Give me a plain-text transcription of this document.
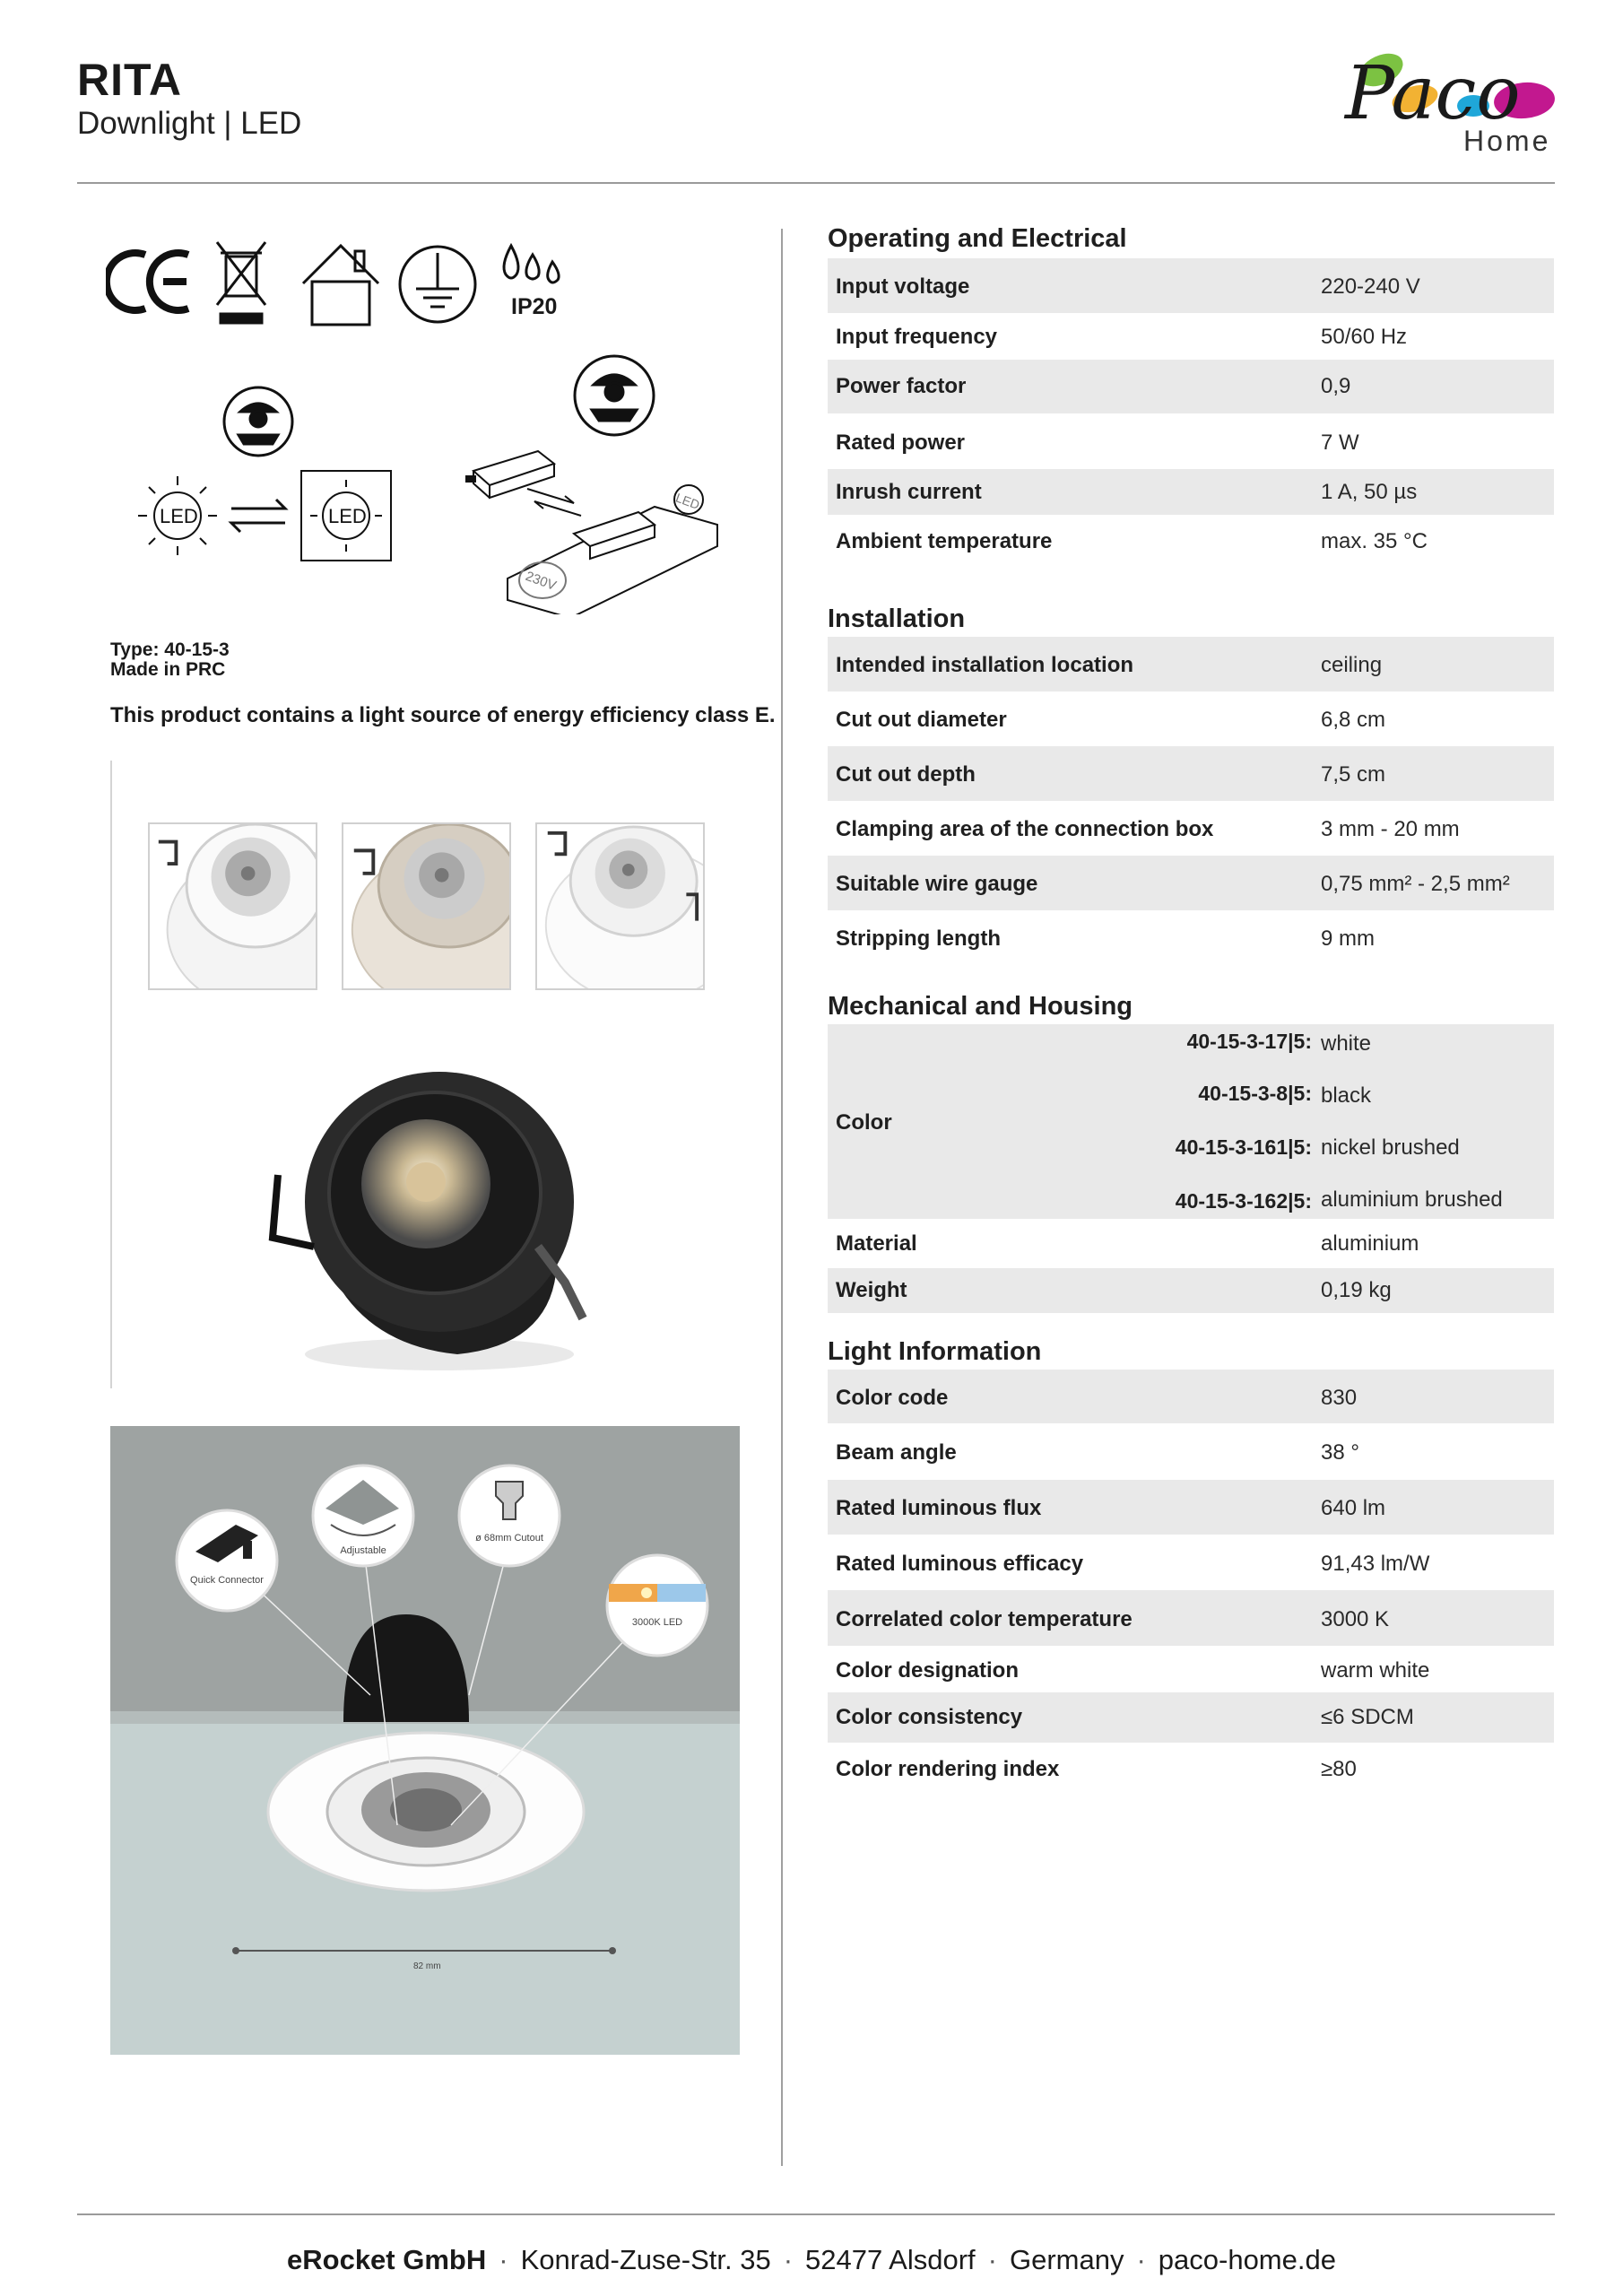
RITA
Downlight | LED	Paco
Home
IP20
LED	LED
LED
230V
Type: 40-15-3
Made in PRC
This product contains a light source of energy efficiency class E.
82 mm
Quick Connector
Adjustable
ø 68mm Cutout
3000K LED
Operating and Electrical
Input voltage	220-240 V
Input frequency	50/60 Hz
Power factor	0,9
Rated power	7 W
Inrush current	1 A, 50 µs
Ambient temperature	max. 35 °C
Installation
Intended installation location	ceiling
Cut out diameter	6,8 cm
Cut out depth	7,5 cm
Clamping area of the connection box	3 mm - 20 mm
Suitable wire gauge	0,75 mm² - 2,5 mm²
Stripping length	9 mm
Mechanical and Housing
Color
40-15-3-17|5: white
40-15-3-8|5: black
40-15-3-161|5: nickel brushed
40-15-3-162|5: aluminium brushed
Material	aluminium
Weight	0,19 kg
Light Information
Color code	830
Beam angle	38 °
Rated luminous flux	640 lm
Rated luminous efficacy	91,43 lm/W
Correlated color temperature	3000 K
Color designation	warm white
Color consistency	≤6 SDCM
Color rendering index	≥80
eRocket GmbH · Konrad-Zuse-Str. 35 · 52477 Alsdorf · Germany · paco-home.de
